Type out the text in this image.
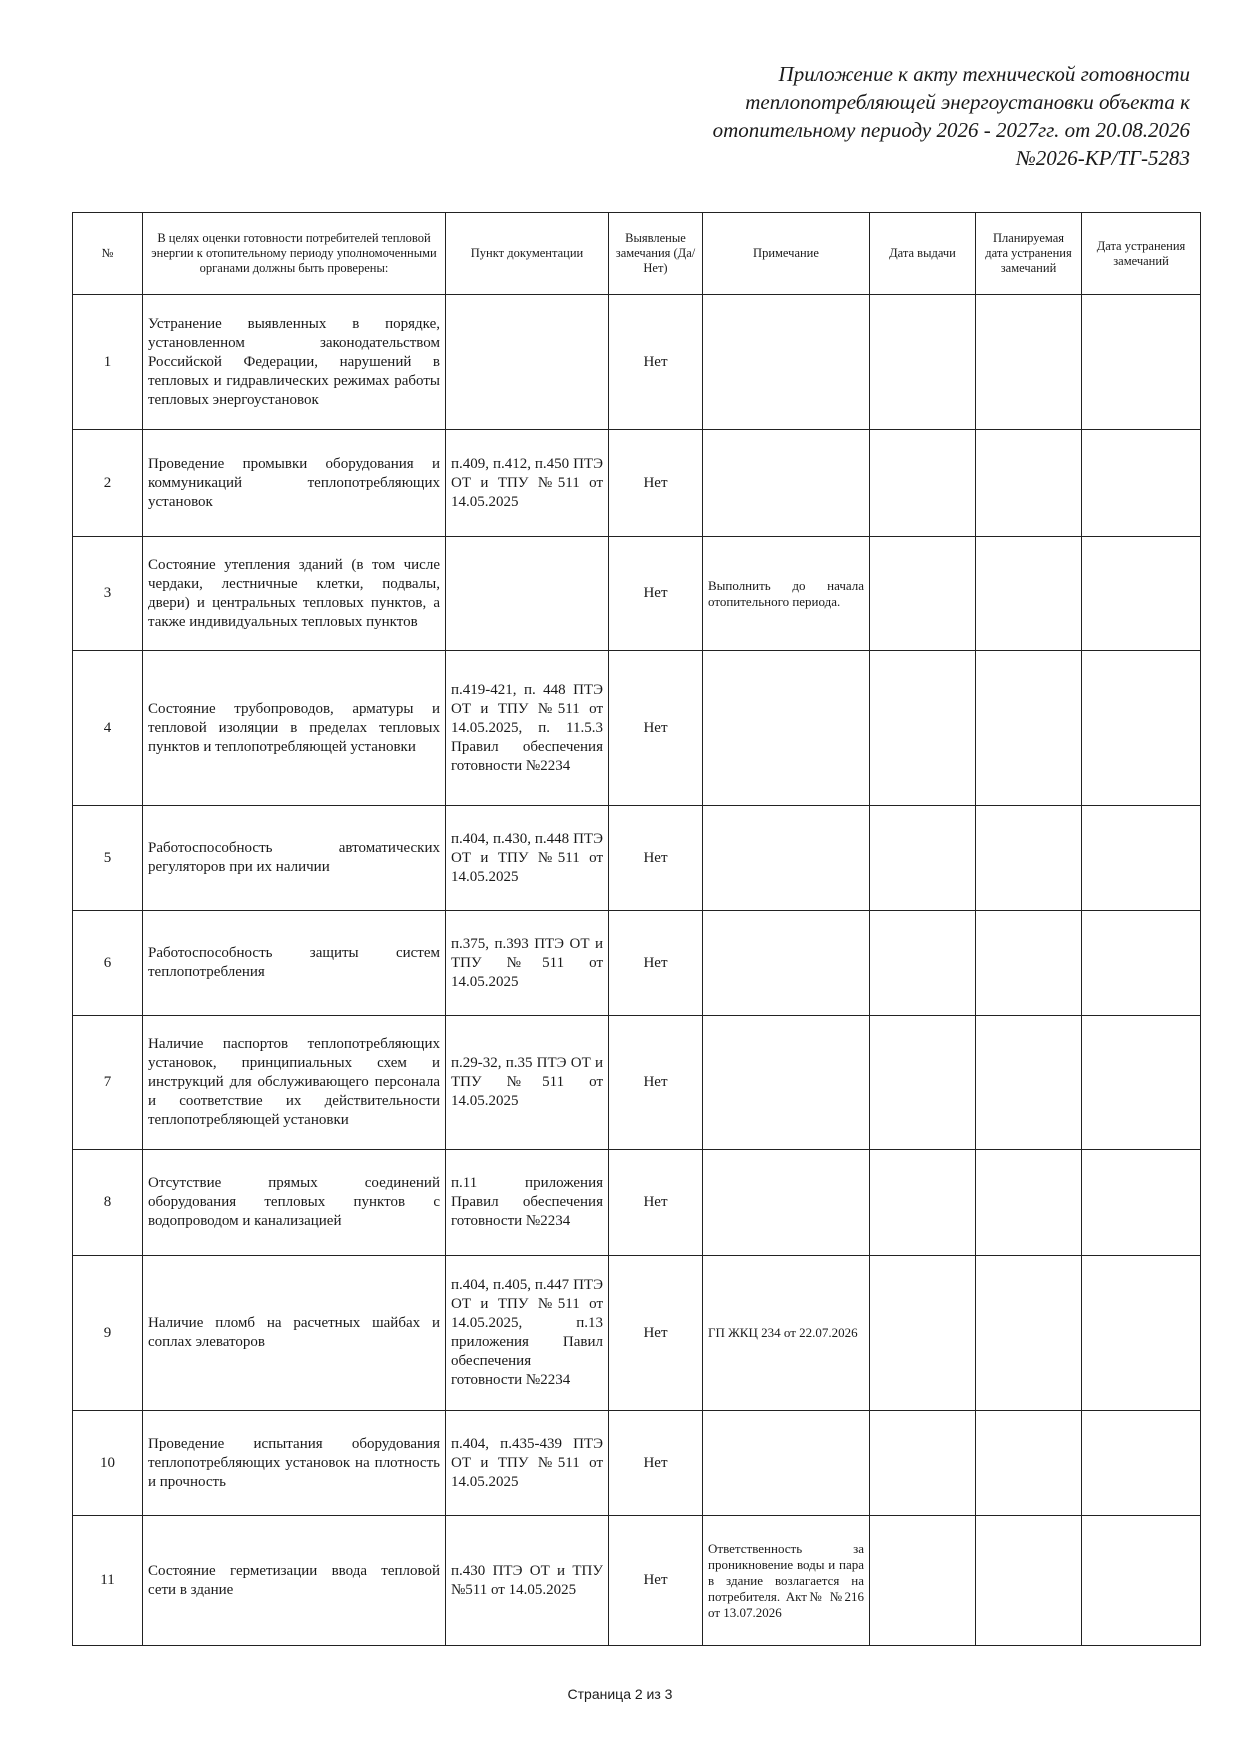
Приложение к акту технической готовности
теплопотребляющей энергоустановки объекта к
отопительному периоду 2026 - 2027гг. от 20.08.2026
№2026-КР/ТГ-5283
№	В целях оценки готовности потребителей тепловой энергии к отопительному периоду уполномоченными органами должны быть проверены:	Пункт документации	Выявленые замечания (Да/Нет)	Примечание	Дата выдачи	Планируемая дата устранения замечаний	Дата устранения замечаний
1	Устранение выявленных в порядке, установленном законодательством Российской Федерации, нарушений в тепловых и гидравлических режимах работы тепловых энергоустановок		Нет				
2	Проведение промывки оборудования и коммуникаций теплопотребляющих установок	п.409, п.412, п.450 ПТЭ ОТ и ТПУ №511 от 14.05.2025	Нет				
3	Состояние утепления зданий (в том числе чердаки, лестничные клетки, подвалы, двери) и центральных тепловых пунктов, а также индивидуальных тепловых пунктов		Нет	Выполнить до начала отопительного периода.			
4	Состояние трубопроводов, арматуры и тепловой изоляции в пределах тепловых пунктов и теплопотребляющей установки	п.419-421, п. 448 ПТЭ ОТ и ТПУ №511 от 14.05.2025, п. 11.5.3 Правил обеспечения готовности №2234	Нет				
5	Работоспособность автоматических регуляторов при их наличии	п.404, п.430, п.448 ПТЭ ОТ и ТПУ №511 от 14.05.2025	Нет				
6	Работоспособность защиты систем теплопотребления	п.375, п.393 ПТЭ ОТ и ТПУ №511 от 14.05.2025	Нет				
7	Наличие паспортов теплопотребляющих установок, принципиальных схем и инструкций для обслуживающего персонала и соответствие их действительности теплопотребляющей установки	п.29-32, п.35 ПТЭ ОТ и ТПУ №511 от 14.05.2025	Нет				
8	Отсутствие прямых соединений оборудования тепловых пунктов с водопроводом и канализацией	п.11 приложения Правил обеспечения готовности №2234	Нет				
9	Наличие пломб на расчетных шайбах и соплах элеваторов	п.404, п.405, п.447 ПТЭ ОТ и ТПУ №511 от 14.05.2025, п.13 приложения Павил обеспечения готовности №2234	Нет	ГП ЖКЦ 234 от 22.07.2026			
10	Проведение испытания оборудования теплопотребляющих установок на плотность и прочность	п.404, п.435-439 ПТЭ ОТ и ТПУ №511 от 14.05.2025	Нет				
11	Состояние герметизации ввода тепловой сети в здание	п.430 ПТЭ ОТ и ТПУ №511 от 14.05.2025	Нет	Ответственность за проникновение воды и пара в здание возлагается на потребителя. Акт№ №216 от 13.07.2026			
Страница 2 из 3
